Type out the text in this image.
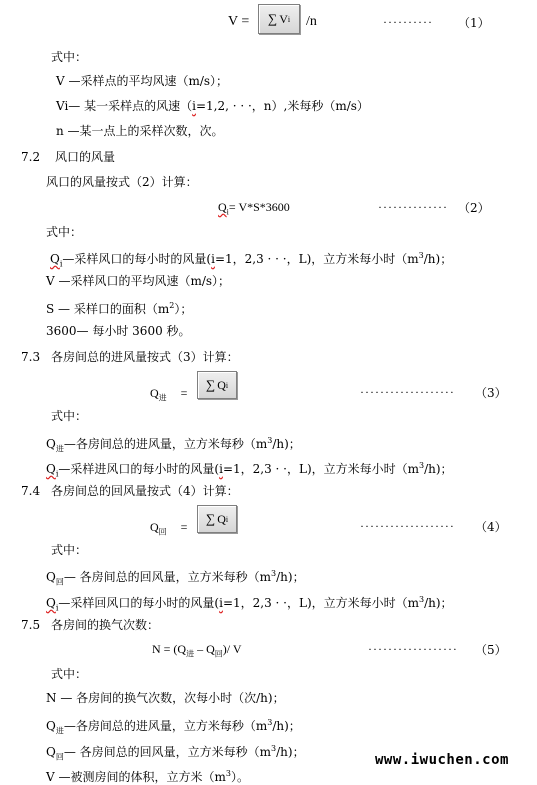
V = ∑ V i /n	·········· （1）
式中：
V —采样点的平均风速（m/s）；
Vi— 某一采样点的风速（i=1,2, · · ·，n）,米每秒（m/s）
n —某一点上的采样次数，次。
7.2 风口的风量
风口的风量按式（2）计算：
$Q_i= V*S*3600$	·············· （2）
式中：
$Q_i—$采样风口的每小时的风量(i=1，2,3 · · ·，L)，立方米每小时$(m^3/h)$；
V —采样风口的平均风速（m/s）；
S — 采样口的面积$(m^2)$；
3600— 每小时 3600 秒。
7.3 各房间总的进风量按式（3）计算：
$Q_进$ =
∑ Q i	··················· （3）
式中：
$Q_进—$各房间总的进风量，立方米每秒$(m^3/h)$；
$Q_i—$采样进风口的每小时的风量(i=1，2,3 · ·，L)，立方米每小时$(m^3/h)$；
7.4 各房间总的回风量按式（4）计算：
$Q_回$ =
∑ Q i	··················· （4）
式中：
$Q_回—$ 各房间总的回风量，立方米每秒$(m^3/h)$；
$Q_i—$采样回风口的每小时的风量(i=1，2,3 · ·，L)，立方米每小时$(m^3/h)$；
7.5 各房间的换气次数：
$N = (Q_进 - Q_回)/$ V	·················· （5）
式中：
N — 各房间的换气次数，次每小时（次/h)；
$Q_进—$各房间总的进风量，立方米每秒$(m^3/h)$；
$Q_回—$ 各房间总的回风量，立方米每秒$(m^3/h)$；
V —被测房间的体积，立方米$(m^3)$。
www.iwuchen.com
